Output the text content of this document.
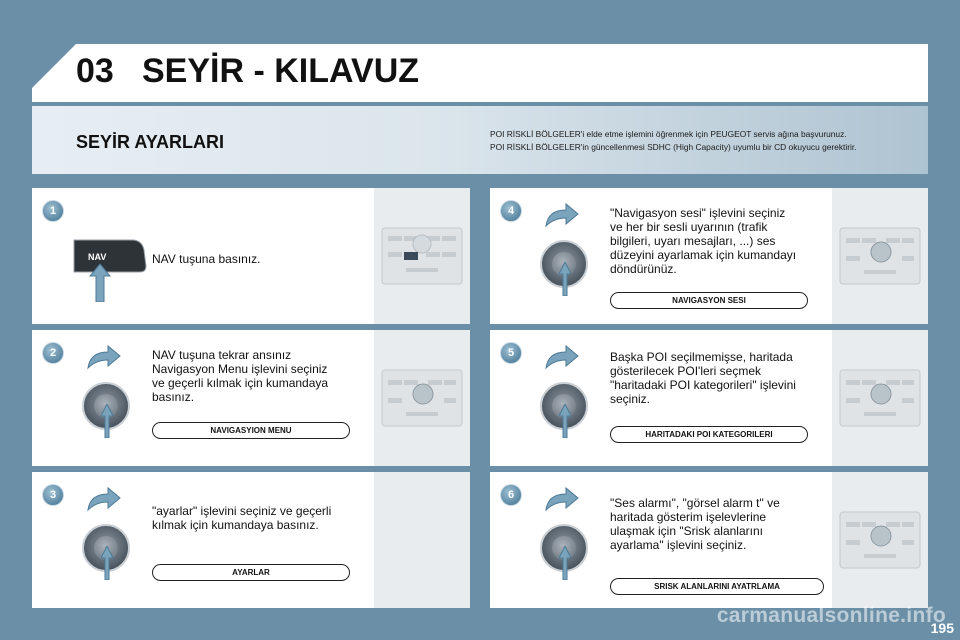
03 SEYİR - KILAVUZ
SEYİR AYARLARI	POI RİSKLİ BÖLGELER'i elde etme işlemini öğrenmek için PEUGEOT servis ağına başvurunuz.
POI RİSKLİ BÖLGELER'in güncellenmesi SDHC (High Capacity) uyumlu bir CD okuyucu gerektirir.
1
NAV	NAV tuşuna basınız.
2	NAV tuşuna tekrar ansınız
Navigasyon Menu işlevini seçiniz
ve geçerli kılmak için kumandaya
basınız.
NAVIGASYION MENU
3
"ayarlar" işlevini seçiniz ve geçerli
kılmak için kumandaya basınız.
AYARLAR
4	"Navigasyon sesi" işlevini seçiniz
ve her bir sesli uyarının (trafik
bilgileri, uyarı mesajları, ...) ses
düzeyini ayarlamak için kumandayı
döndürünüz.
NAVIGASYON SESI
5	Başka POI seçilmemişse, haritada
gösterilecek POI'leri seçmek
"haritadaki POI kategorileri" işlevini
seçiniz.
HARITADAKI POI KATEGORILERI
6
"Ses alarmı", "görsel alarm t" ve
haritada gösterim işelevlerine
ulaşmak için "Srisk alanlarını
ayarlama" işlevini seçiniz.
SRISK ALANLARINI AYATRLAMA
195
carmanualsonline.info
